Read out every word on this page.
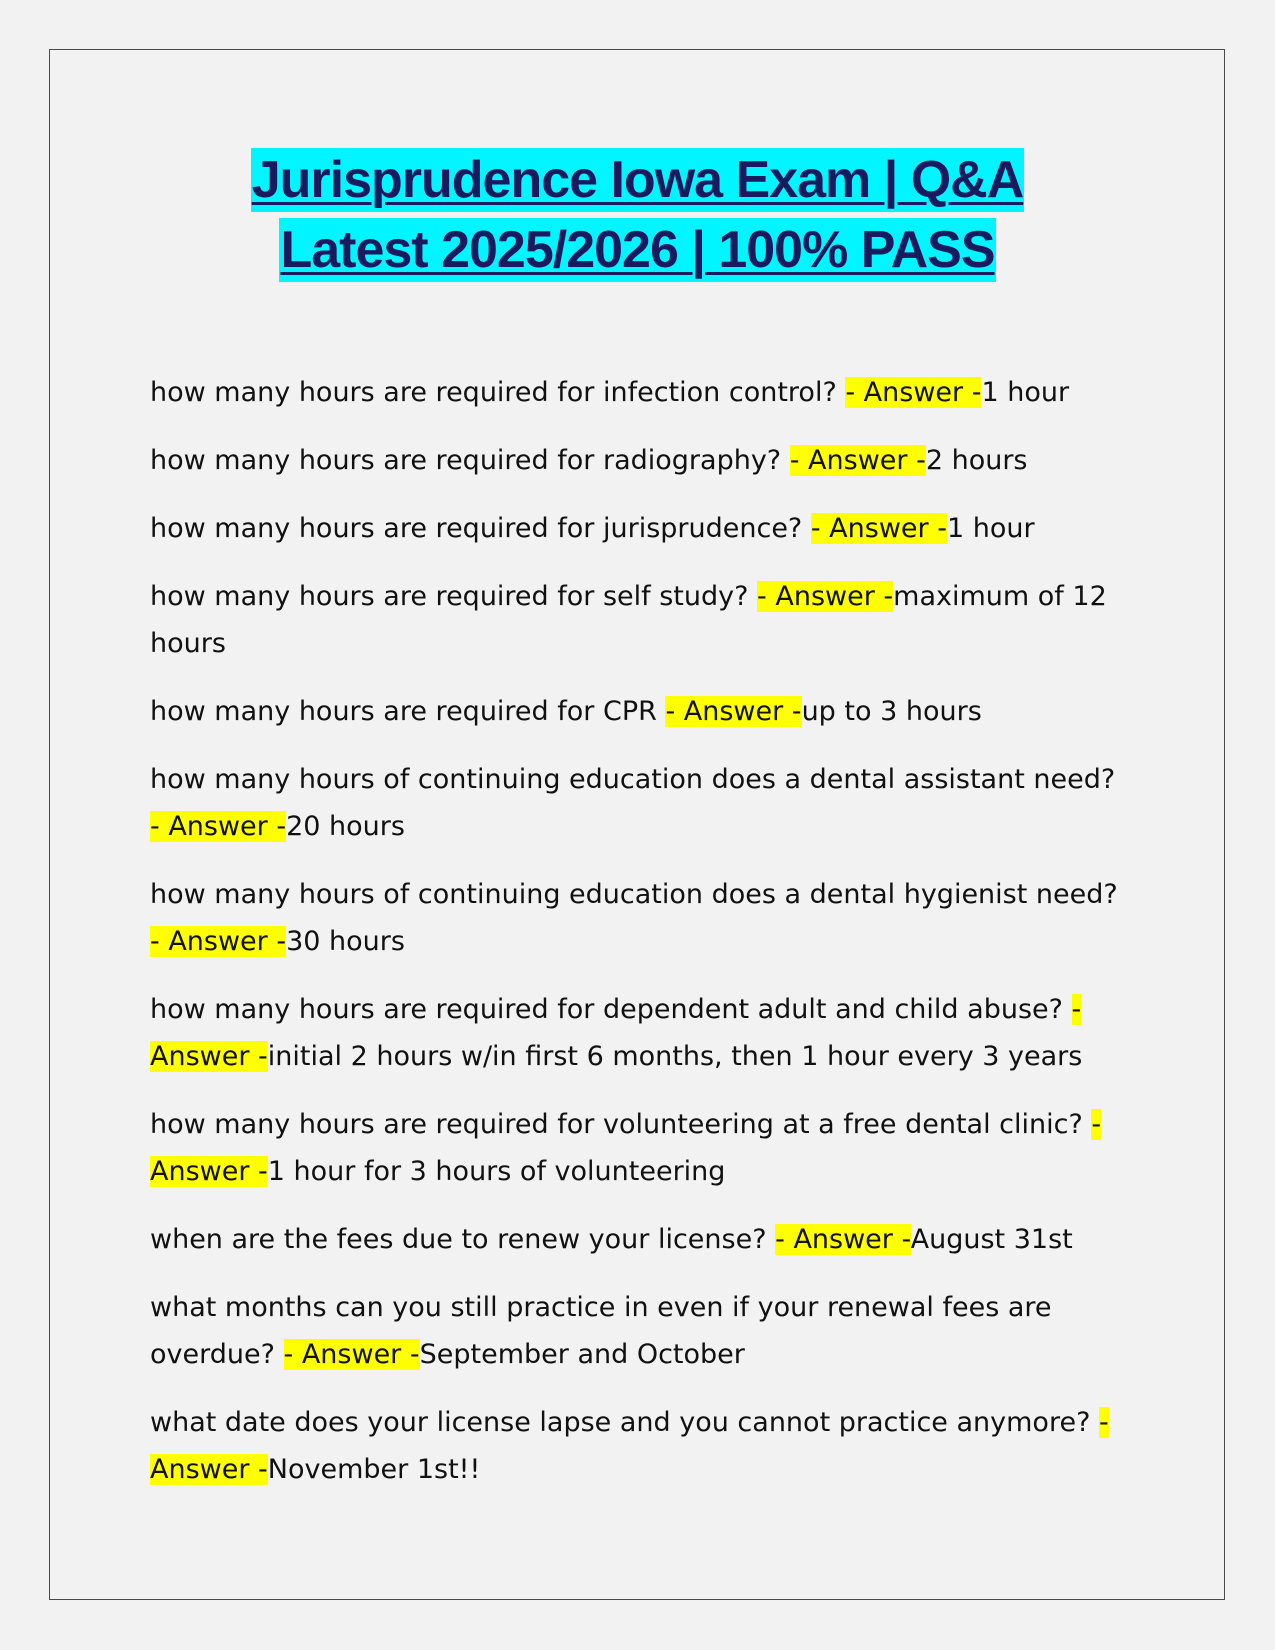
Jurisprudence Iowa Exam | Q&A
Latest 2025/2026 | 100% PASS

how many hours are required for infection control? - Answer -1 hour

how many hours are required for radiography? - Answer -2 hours

how many hours are required for jurisprudence? - Answer -1 hour

how many hours are required for self study? - Answer -maximum of 12 hours

how many hours are required for CPR - Answer -up to 3 hours

how many hours of continuing education does a dental assistant need? - Answer -20 hours

how many hours of continuing education does a dental hygienist need? - Answer -30 hours

how many hours are required for dependent adult and child abuse? - Answer -initial 2 hours w/in first 6 months, then 1 hour every 3 years

how many hours are required for volunteering at a free dental clinic? - Answer -1 hour for 3 hours of volunteering

when are the fees due to renew your license? - Answer -August 31st

what months can you still practice in even if your renewal fees are overdue? - Answer -September and October

what date does your license lapse and you cannot practice anymore? - Answer -November 1st!!
